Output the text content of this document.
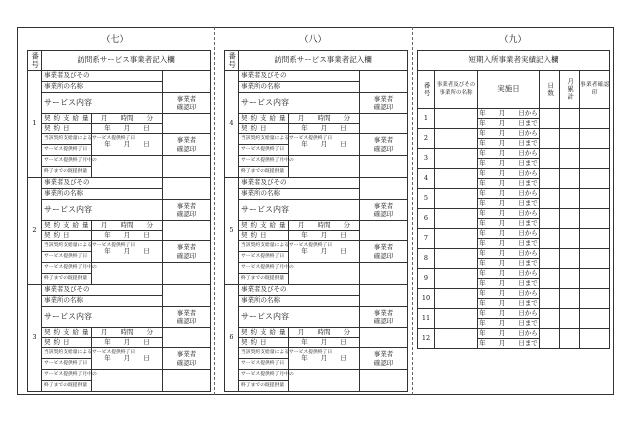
（七）	（八）	（九）
番号	訪問系サービス事業者記入欄		
1	事業者及びその		
	事業所の名称		
	サービス内容		事業者
確認印
	契約支給量	月　　時間　　分	
	契約日	年　　月　　日	
	当該契約支給量によるサービス提供終了日	年　　月　　日	事業者
確認印
	サービス提供終了日		
	サービス提供終了月中の		
	終了までの既提供量		
2	事業者及びその		
	事業所の名称		
	サービス内容		事業者
確認印
	契約支給量	月　　時間　　分	
	契約日	年　　月　　日	
	当該契約支給量によるサービス提供終了日	年　　月　　日	事業者
確認印
	サービス提供終了日		
	サービス提供終了月中の		
	終了までの既提供量		
3	事業者及びその		
	事業所の名称		
	サービス内容		事業者
確認印
	契約支給量	月　　時間　　分	
	契約日	年　　月　　日	
	当該契約支給量によるサービス提供終了日	年　　月　　日	事業者
確認印
	サービス提供終了日		
	サービス提供終了月中の		
	終了までの既提供量		
番号	訪問系サービス事業者記入欄		
4	事業者及びその		
	事業所の名称		
	サービス内容		事業者
確認印
	契約支給量	月　　時間　　分	
	契約日	年　　月　　日	
	当該契約支給量によるサービス提供終了日	年　　月　　日	事業者
確認印
	サービス提供終了日		
	サービス提供終了月中の		
	終了までの既提供量		
5	事業者及びその		
	事業所の名称		
	サービス内容		事業者
確認印
	契約支給量	月　　時間　　分	
	契約日	年　　月　　日	
	当該契約支給量によるサービス提供終了日	年　　月　　日	事業者
確認印
	サービス提供終了日		
	サービス提供終了月中の		
	終了までの既提供量		
6	事業者及びその		
	事業所の名称		
	サービス内容		事業者
確認印
	契約支給量	月　　時間　　分	
	契約日	年　　月　　日	
	当該契約支給量によるサービス提供終了日	年　　月　　日	事業者
確認印
	サービス提供終了日		
	サービス提供終了月中の		
	終了までの既提供量		
短期入所事業者実績記入欄					
番号	事業者及びその
事業所の名称	実施日	日数	月累計	事業者確認印
1		年　　月　　日から			
		年　　月　　日まで			
2		年　　月　　日から			
		年　　月　　日まで			
3		年　　月　　日から			
		年　　月　　日まで			
4		年　　月　　日から			
		年　　月　　日まで			
5		年　　月　　日から			
		年　　月　　日まで			
6		年　　月　　日から			
		年　　月　　日まで			
7		年　　月　　日から			
		年　　月　　日まで			
8		年　　月　　日から			
		年　　月　　日まで			
9		年　　月　　日から			
		年　　月　　日まで			
10		年　　月　　日から			
		年　　月　　日まで			
11		年　　月　　日から			
		年　　月　　日まで			
12		年　　月　　日から			
		年　　月　　日まで			
